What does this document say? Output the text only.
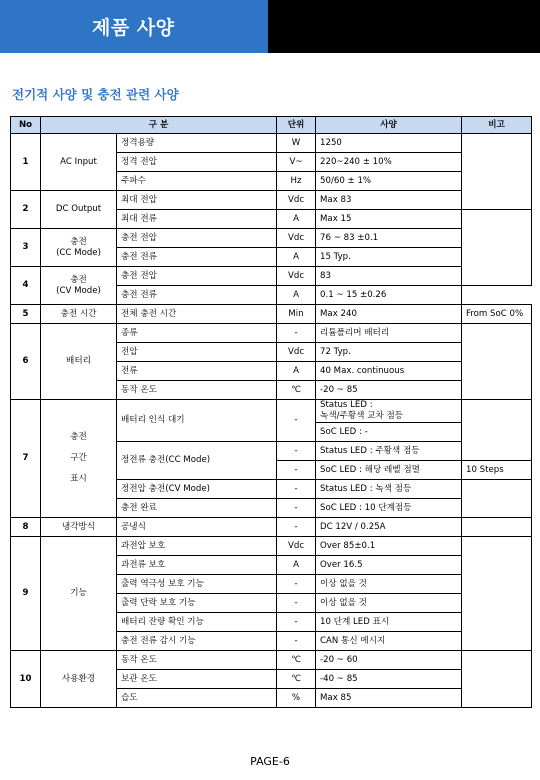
제품 사양
전기적 사양 및 충전 관련 사양
No	구 분		단위	사양	비고
1	AC Input	정격용량	W	1250	
		정격 전압	V~	220~240 ± 10%	
		주파수	Hz	50/60 ± 1%	
2	DC Output	최대 전압	Vdc	Max 83	
		최대 전류	A	Max 15	
3	충전
(CC Mode)	충전 전압	Vdc	76 ~ 83 ±0.1	
		충전 전류	A	15 Typ.	
4	충전
(CV Mode)	충전 전압	Vdc	83	
		충전 전류	A	0.1 ~ 15 ±0.26	
5	충전 시간	전체 충전 시간	Min	Max 240	From SoC 0%
6	배터리	종류	-	리튬폴리머 배터리	
		전압	Vdc	72 Typ.	
		전류	A	40 Max. continuous	
		동작 온도	℃	-20 ~ 85	
7	충전
구간
표시	배터리 인식 대기	-	Status LED :
녹색/주황색 교차 점등	

				SoC LED : -	
		정전류 충전(CC Mode)	-	Status LED : 주황색 점등	
			-	SoC LED : 해당 레벨 점멸	10 Steps
		정전압 충전(CV Mode)	-	Status LED : 녹색 점등	
		충전 완료	-	SoC LED : 10 단계점등	
8	냉각방식	공냉식	-	DC 12V / 0.25A	
9	기능	과전압 보호	Vdc	Over 85±0.1	
		과전류 보호	A	Over 16.5	
		출력 역극성 보호 기능	-	이상 없을 것	
		출력 단락 보호 기능	-	이상 없을 것	
		배터리 잔량 확인 기능	-	10 단계 LED 표시	
		충전 전류 감시 기능	-	CAN 통신 메시지	
10	사용환경	동작 온도	℃	-20 ~ 60	
		보관 온도	℃	-40 ~ 85	
		습도	%	Max 85	
PAGE-6
